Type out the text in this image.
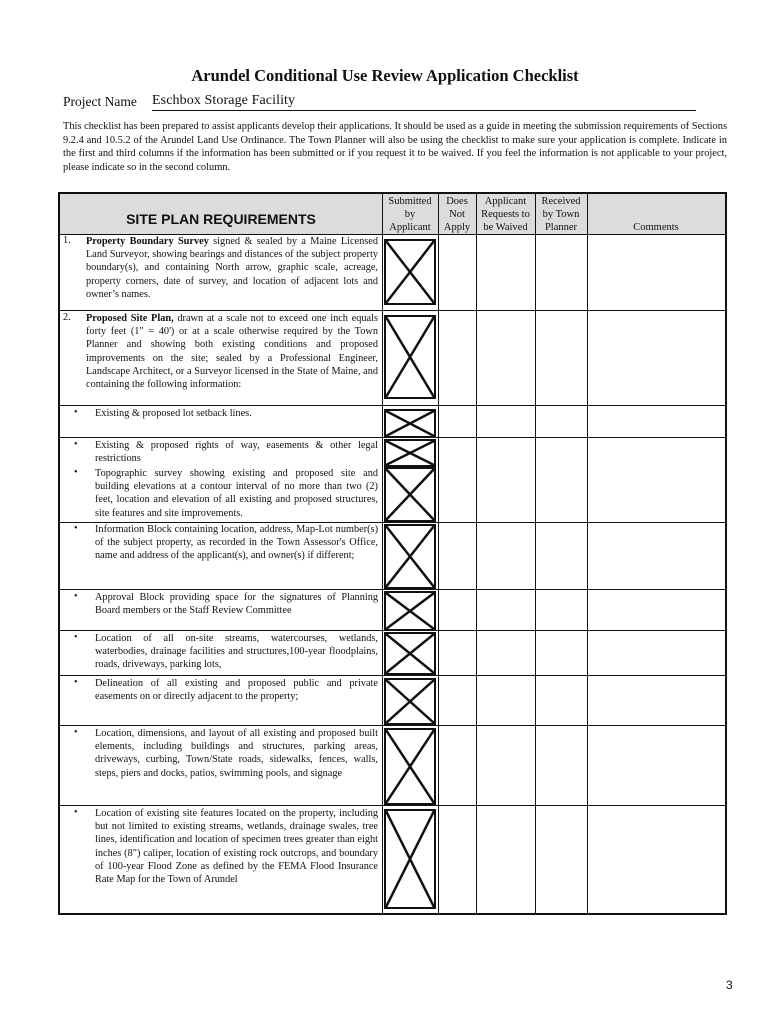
Arundel Conditional Use Review Application Checklist
Project Name Eschbox Storage Facility
This checklist has been prepared to assist applicants develop their applications. It should be used as a guide in meeting the submission requirements of Sections 9.2.4 and 10.5.2 of the Arundel Land Use Ordinance. The Town Planner will also be using the checklist to make sure your application is complete. Indicate in the first and third columns if the information has been submitted or if you request it to be waived. If you feel the information is not applicable to your project, please indicate so in the second column.
SITE PLAN REQUIREMENTS
Submitted
by
Applicant
Does
Not
Apply
Applicant
Requests to
be Waived
Received
by Town
Planner	Comments
1. Property Boundary Survey signed & sealed by a Maine Licensed Land Surveyor, showing bearings and distances of the subject property boundary(s), and containing North arrow, graphic scale, acreage, property corners, date of survey, and location of adjacent lots and owner’s names.
2. Proposed Site Plan, drawn at a scale not to exceed one inch equals forty feet (1" = 40') or at a scale otherwise required by the Town Planner and showing both existing conditions and proposed improvements on the site; sealed by a Professional Engineer, Landscape Architect, or a Surveyor licensed in the State of Maine, and containing the following information:
• Existing & proposed lot setback lines.
• Existing & proposed rights of way, easements & other legal restrictions
• Topographic survey showing existing and proposed site and building elevations at a contour interval of no more than two (2) feet, location and elevation of all existing and proposed structures, site features and site improvements.
• Information Block containing location, address, Map-Lot number(s) of the subject property, as recorded in the Town Assessor's Office, name and address of the applicant(s), and owner(s) if different;
• Approval Block providing space for the signatures of Planning Board members or the Staff Review Committee
• Location of all on-site streams, watercourses, wetlands, waterbodies, drainage facilities and structures,100-year floodplains, roads, driveways, parking lots,
• Delineation of all existing and proposed public and private easements on or directly adjacent to the property;
• Location, dimensions, and layout of all existing and proposed built elements, including buildings and structures, parking areas, driveways, curbing, Town/State roads, sidewalks, fences, walls, steps, piers and docks, patios, swimming pools, and signage
• Location of existing site features located on the property, including but not limited to existing streams, wetlands, drainage swales, tree lines, identification and location of specimen trees greater than eight inches (8") caliper, location of existing rock outcrops, and boundary of 100-year Flood Zone as defined by the FEMA Flood Insurance Rate Map for the Town of Arundel
3
